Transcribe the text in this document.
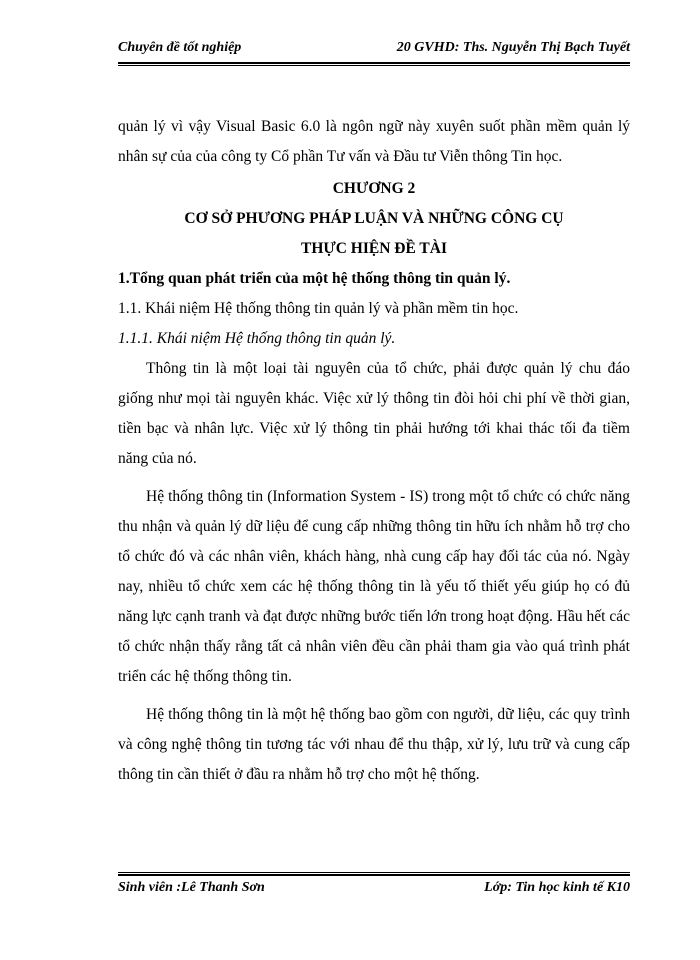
Chuyên đề tốt nghiệp	20 GVHD: Ths. Nguyễn Thị Bạch Tuyết

quản lý vì vậy Visual Basic 6.0 là ngôn ngữ này xuyên suốt phần mềm quản lý nhân sự của của công ty Cổ phần Tư vấn và Đầu tư Viễn thông Tin học.

CHƯƠNG 2

CƠ SỞ PHƯƠNG PHÁP LUẬN VÀ NHỮNG CÔNG CỤ

THỰC HIỆN ĐỀ TÀI

1.Tổng quan phát triển của một hệ thống thông tin quản lý.

1.1. Khái niệm Hệ thống thông tin quản lý và phần mềm tin học.

1.1.1. Khái niệm Hệ thống thông tin quản lý.

Thông tin là một loại tài nguyên của tổ chức, phải được quản lý chu đáo giống như mọi tài nguyên khác. Việc xử lý thông tin đòi hỏi chi phí về thời gian, tiền bạc và nhân lực. Việc xử lý thông tin phải hướng tới khai thác tối đa tiềm năng của nó.

Hệ thống thông tin (Information System - IS) trong một tổ chức có chức năng thu nhận và quản lý dữ liệu để cung cấp những thông tin hữu ích nhằm hỗ trợ cho tổ chức đó và các nhân viên, khách hàng, nhà cung cấp hay đối tác của nó. Ngày nay, nhiều tổ chức xem các hệ thống thông tin là yếu tố thiết yếu giúp họ có đủ năng lực cạnh tranh và đạt được những bước tiến lớn trong hoạt động. Hầu hết các tổ chức nhận thấy rằng tất cả nhân viên đều cần phải tham gia vào quá trình phát triển các hệ thống thông tin.

Hệ thống thông tin là một hệ thống bao gồm con người, dữ liệu, các quy trình và công nghệ thông tin tương tác với nhau để thu thập, xử lý, lưu trữ và cung cấp thông tin cần thiết ở đầu ra nhằm hỗ trợ cho một hệ thống.

Sinh viên :Lê Thanh Sơn	Lớp: Tin học kinh tế K10
